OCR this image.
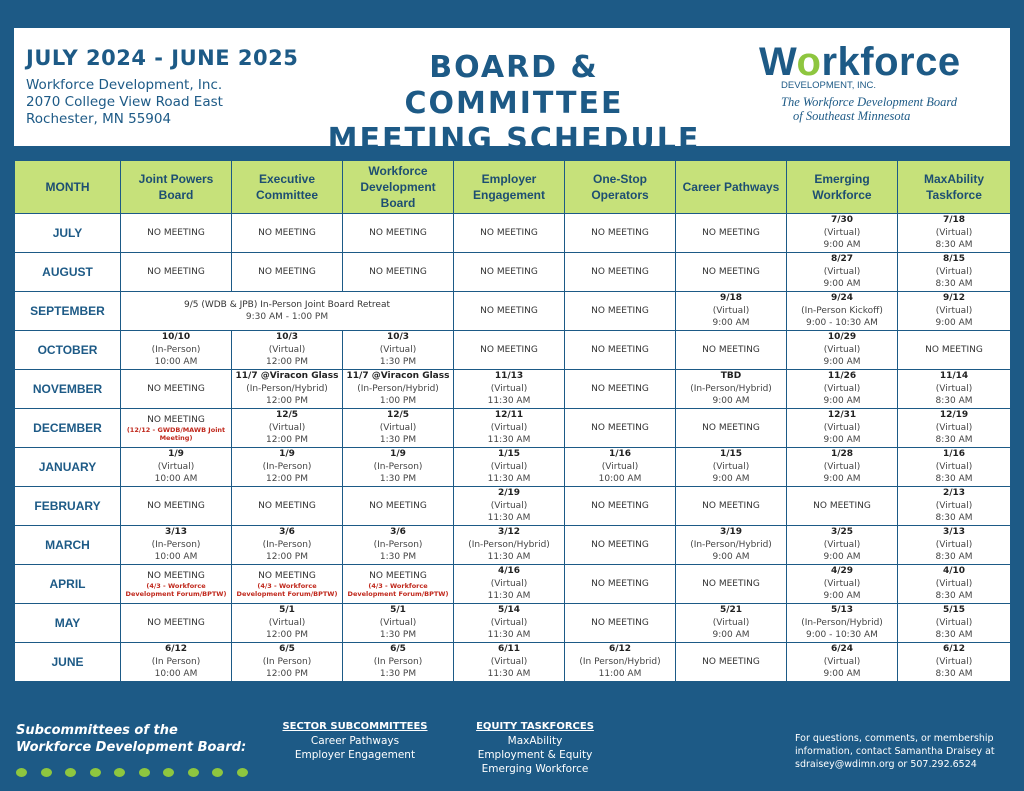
JULY 2024 - JUNE 2025
Workforce Development, Inc.
2070 College View Road East
Rochester, MN 55904
BOARD & COMMITTEE
MEETING SCHEDULE
Workforce
DEVELOPMENT, INC.
The Workforce Development Board
of Southeast Minnesota
MONTH	Joint Powers Board	Executive Committee	Workforce Development Board	Employer Engagement	One-Stop Operators	Career Pathways	Emerging Workforce	MaxAbility Taskforce
JULY	NO MEETING	NO MEETING	NO MEETING	NO MEETING	NO MEETING	NO MEETING	7/30
(Virtual)
9:00 AM	7/18
(Virtual)
8:30 AM

AUGUST	NO MEETING	NO MEETING	NO MEETING	NO MEETING	NO MEETING	NO MEETING	8/27
(Virtual)
9:00 AM	8/15
(Virtual)
8:30 AM

SEPTEMBER	9/5 (WDB & JPB) In-Person Joint Board Retreat
9:30 AM - 1:00 PM			NO MEETING	NO MEETING	9/18
(Virtual)
9:00 AM	9/24
(In-Person Kickoff)
9:00 - 10:30 AM	9/12
(Virtual)
9:00 AM

OCTOBER	10/10
(In-Person)
10:00 AM	10/3
(Virtual)
12:00 PM	10/3
(Virtual)
1:30 PM	NO MEETING	NO MEETING	NO MEETING	10/29
(Virtual)
9:00 AM	NO MEETING

NOVEMBER	NO MEETING	11/7 @Viracon Glass
(In-Person/Hybrid)
12:00 PM	11/7 @Viracon Glass
(In-Person/Hybrid)
1:00 PM	11/13
(Virtual)
11:30 AM	NO MEETING	TBD
(In-Person/Hybrid)
9:00 AM	11/26
(Virtual)
9:00 AM	11/14
(Virtual)
8:30 AM

DECEMBER	NO MEETING
(12/12 - GWDB/MAWB Joint Meeting)	12/5
(Virtual)
12:00 PM	12/5
(Virtual)
1:30 PM	12/11
(Virtual)
11:30 AM	NO MEETING	NO MEETING	12/31
(Virtual)
9:00 AM	12/19
(Virtual)
8:30 AM

JANUARY	1/9
(Virtual)
10:00 AM	1/9
(In-Person)
12:00 PM	1/9
(In-Person)
1:30 PM	1/15
(Virtual)
11:30 AM	1/16
(Virtual)
10:00 AM	1/15
(Virtual)
9:00 AM	1/28
(Virtual)
9:00 AM	1/16
(Virtual)
8:30 AM

FEBRUARY	NO MEETING	NO MEETING	NO MEETING	2/19
(Virtual)
11:30 AM	NO MEETING	NO MEETING	NO MEETING	2/13
(Virtual)
8:30 AM

MARCH	3/13
(In-Person)
10:00 AM	3/6
(In-Person)
12:00 PM	3/6
(In-Person)
1:30 PM	3/12
(In-Person/Hybrid)
11:30 AM	NO MEETING	3/19
(In-Person/Hybrid)
9:00 AM	3/25
(Virtual)
9:00 AM	3/13
(Virtual)
8:30 AM

APRIL	NO MEETING
(4/3 - Workforce Development Forum/BPTW)	NO MEETING
(4/3 - Workforce Development Forum/BPTW)	NO MEETING
(4/3 - Workforce Development Forum/BPTW)	4/16
(Virtual)
11:30 AM	NO MEETING	NO MEETING	4/29
(Virtual)
9:00 AM	4/10
(Virtual)
8:30 AM

MAY	NO MEETING	5/1
(Virtual)
12:00 PM	5/1
(Virtual)
1:30 PM	5/14
(Virtual)
11:30 AM	NO MEETING	5/21
(Virtual)
9:00 AM	5/13
(In-Person/Hybrid)
9:00 - 10:30 AM	5/15
(Virtual)
8:30 AM

JUNE	6/12
(In Person)
10:00 AM	6/5
(In Person)
12:00 PM	6/5
(In Person)
1:30 PM	6/11
(Virtual)
11:30 AM	6/12
(In Person/Hybrid)
11:00 AM	NO MEETING	6/24
(Virtual)
9:00 AM	6/12
(Virtual)
8:30 AM
Subcommittees of the
Workforce Development Board:
SECTOR SUBCOMMITTEES
Career Pathways
Employer Engagement
EQUITY TASKFORCES
MaxAbility
Employment & Equity
Emerging Workforce
For questions, comments, or membership
information, contact Samantha Draisey at
sdraisey@wdimn.org or 507.292.6524
